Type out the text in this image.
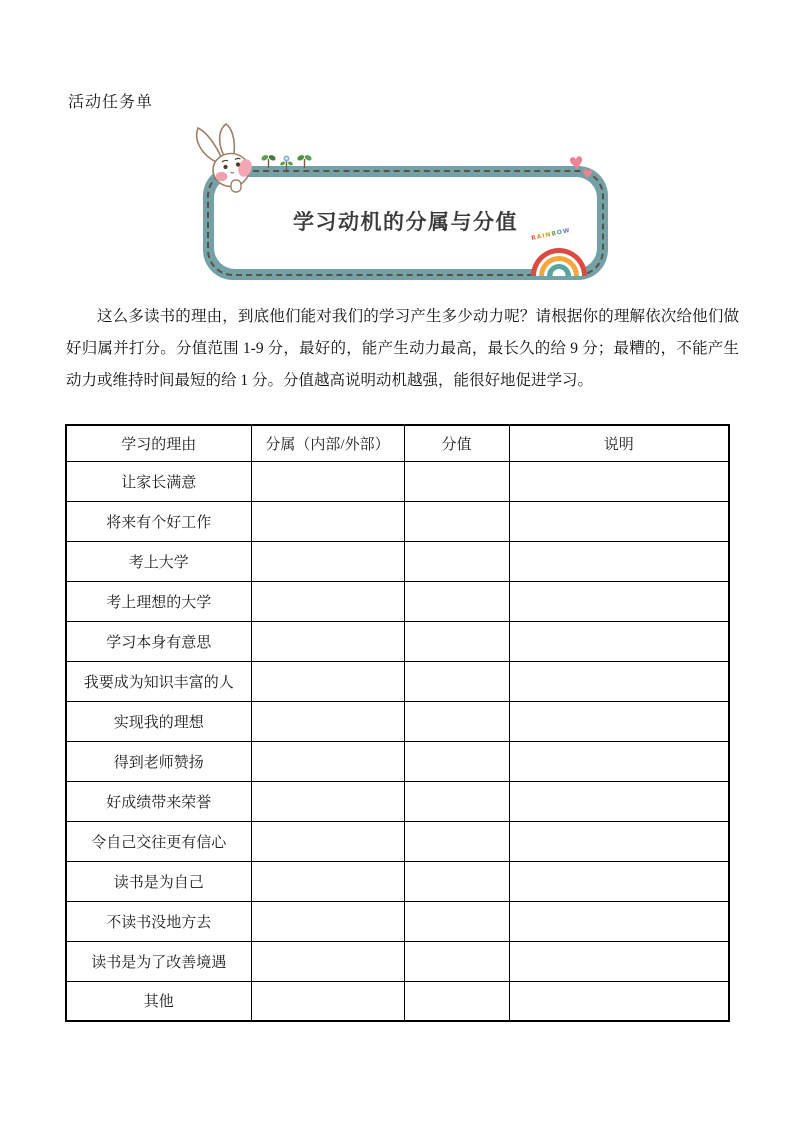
活动任务单
♥
♥
RAINBOW
学习动机的分属与分值

这么多读书的理由，到底他们能对我们的学习产生多少动力呢？请根据你的理解依次给他们做好归属并打分。分值范围 1-9 分，最好的，能产生动力最高，最长久的给 9 分；最糟的，不能产生动力或维持时间最短的给 1 分。分值越高说明动机越强，能很好地促进学习。

学习的理由	分属（内部/外部）	分值	说明
让家长满意			
将来有个好工作			
考上大学			
考上理想的大学			
学习本身有意思			
我要成为知识丰富的人			
实现我的理想			
得到老师赞扬			
好成绩带来荣誉			
令自己交往更有信心			
读书是为自己			
不读书没地方去			
读书是为了改善境遇			
其他			
